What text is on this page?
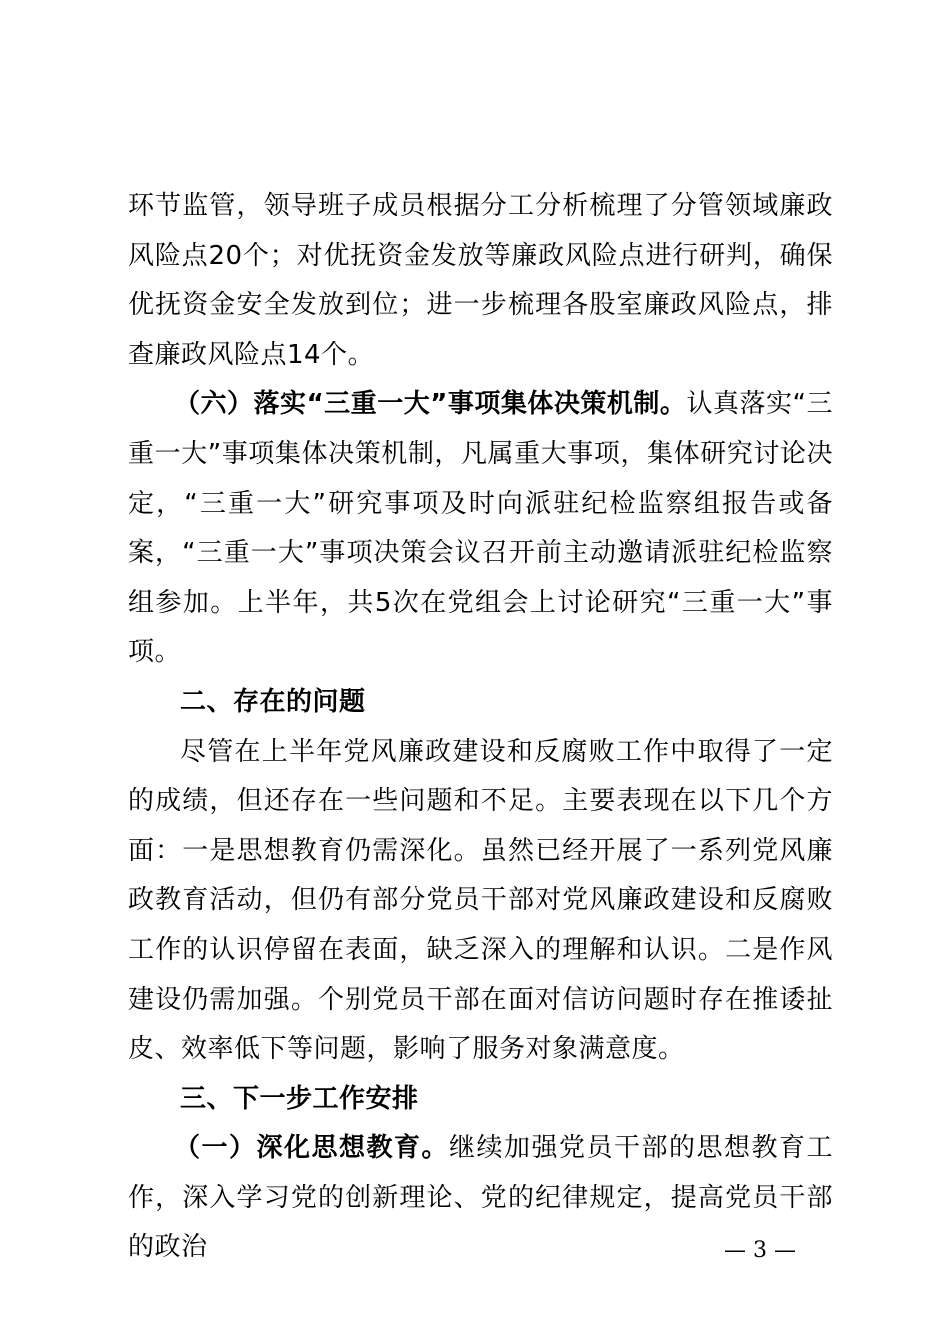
环节监管，领导班子成员根据分工分析梳理了分管领域廉政风险点20个；对优抚资金发放等廉政风险点进行研判，确保优抚资金安全发放到位；进一步梳理各股室廉政风险点，排查廉政风险点14个。

（六）落实“三重一大”事项集体决策机制。认真落实“三重一大”事项集体决策机制，凡属重大事项，集体研究讨论决定，“三重一大”研究事项及时向派驻纪检监察组报告或备案，“三重一大”事项决策会议召开前主动邀请派驻纪检监察组参加。上半年，共5次在党组会上讨论研究“三重一大”事项。

二、存在的问题

尽管在上半年党风廉政建设和反腐败工作中取得了一定的成绩，但还存在一些问题和不足。主要表现在以下几个方面：一是思想教育仍需深化。虽然已经开展了一系列党风廉政教育活动，但仍有部分党员干部对党风廉政建设和反腐败工作的认识停留在表面，缺乏深入的理解和认识。二是作风建设仍需加强。个别党员干部在面对信访问题时存在推诿扯皮、效率低下等问题，影响了服务对象满意度。

三、下一步工作安排

（一）深化思想教育。继续加强党员干部的思想教育工作，深入学习党的创新理论、党的纪律规定，提高党员干部的政治	— 3 —
